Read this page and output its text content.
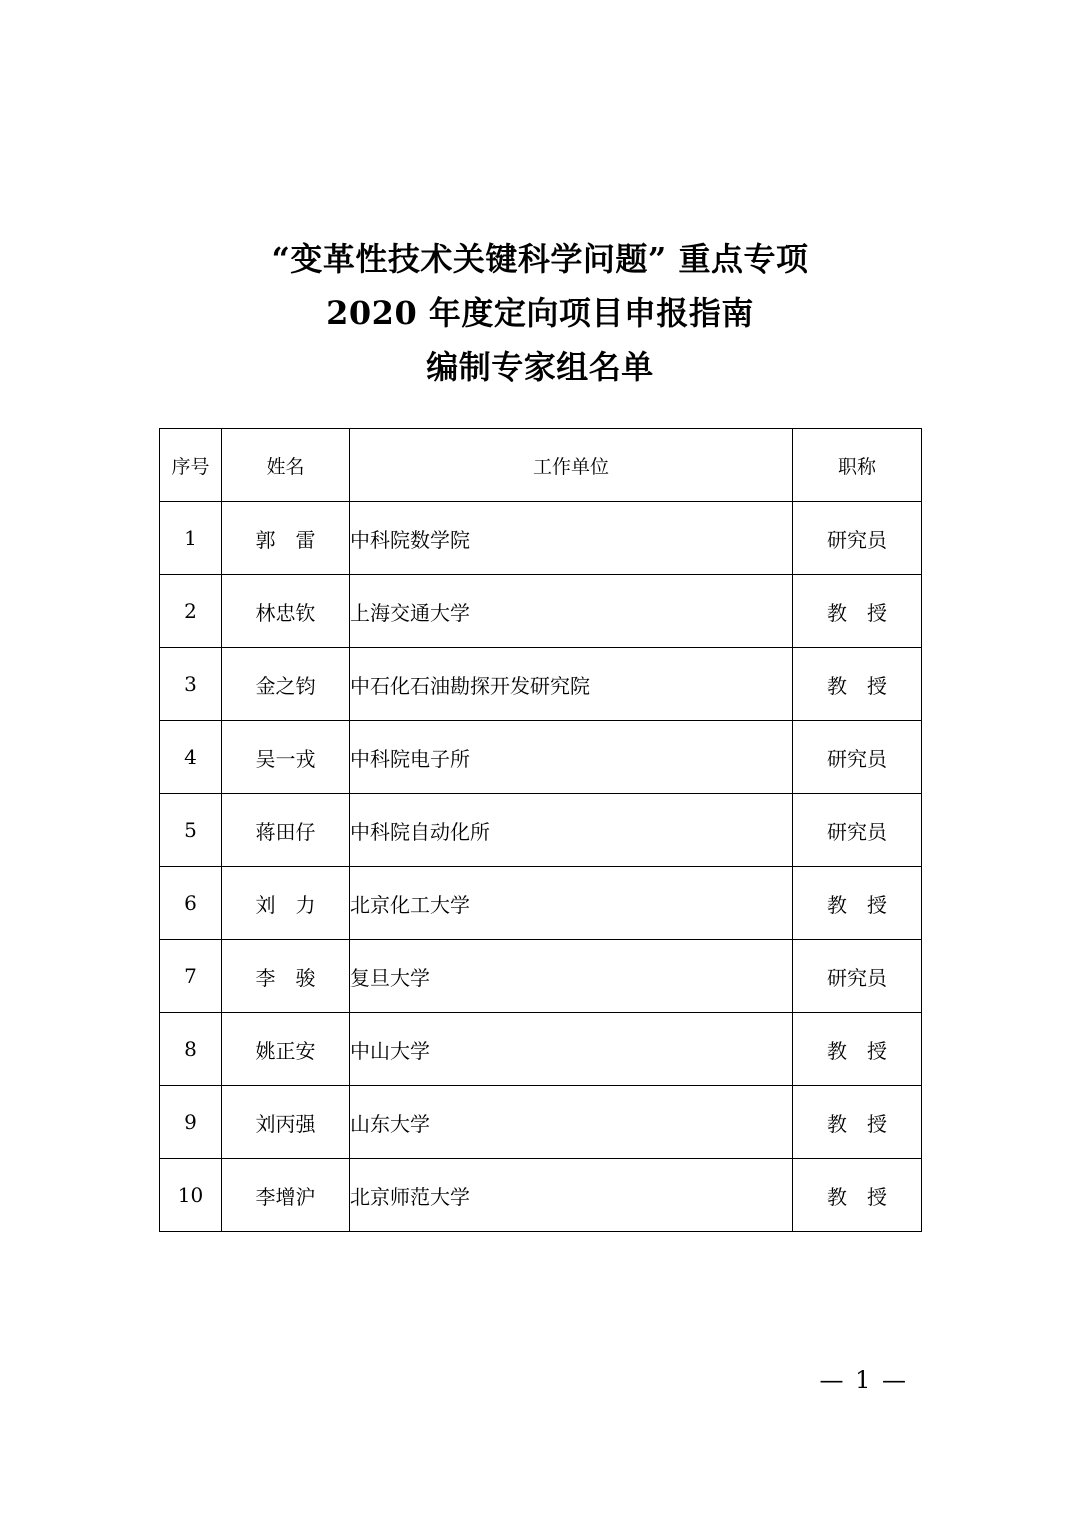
“变革性技术关键科学问题” 重点专项
2020 年度定向项目申报指南
编制专家组名单
序号	姓名	工作单位	职称
1	郭　雷	中科院数学院	研究员
2	林忠钦	上海交通大学	教　授
3	金之钧	中石化石油勘探开发研究院	教　授
4	吴一戎	中科院电子所	研究员
5	蒋田仔	中科院自动化所	研究员
6	刘　力	北京化工大学	教　授
7	李　骏	复旦大学	研究员
8	姚正安	中山大学	教　授
9	刘丙强	山东大学	教　授
10	李增沪	北京师范大学	教　授
— 1 —
